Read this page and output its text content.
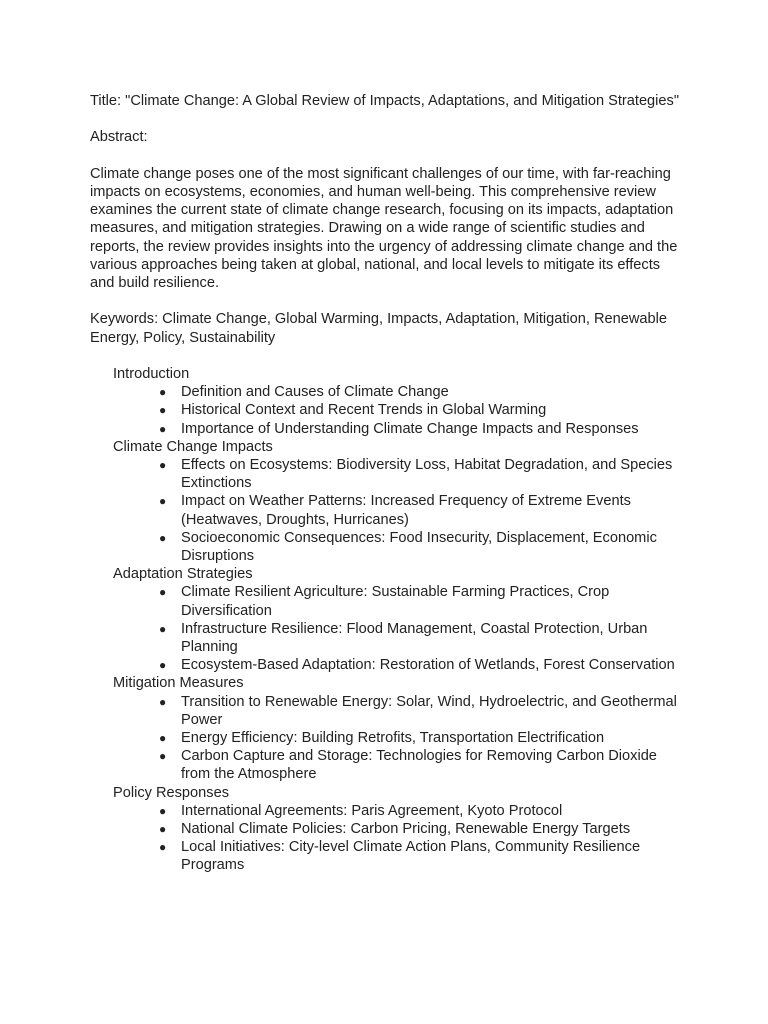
Title: "Climate Change: A Global Review of Impacts, Adaptations, and Mitigation Strategies"

Abstract:

Climate change poses one of the most significant challenges of our time, with far-reaching impacts on ecosystems, economies, and human well-being. This comprehensive review examines the current state of climate change research, focusing on its impacts, adaptation measures, and mitigation strategies. Drawing on a wide range of scientific studies and reports, the review provides insights into the urgency of addressing climate change and the various approaches being taken at global, national, and local levels to mitigate its effects and build resilience.

Keywords: Climate Change, Global Warming, Impacts, Adaptation, Mitigation, Renewable Energy, Policy, Sustainability

Introduction
● Definition and Causes of Climate Change
● Historical Context and Recent Trends in Global Warming
● Importance of Understanding Climate Change Impacts and Responses
Climate Change Impacts
● Effects on Ecosystems: Biodiversity Loss, Habitat Degradation, and Species Extinctions
● Impact on Weather Patterns: Increased Frequency of Extreme Events (Heatwaves, Droughts, Hurricanes)
● Socioeconomic Consequences: Food Insecurity, Displacement, Economic Disruptions
Adaptation Strategies
● Climate Resilient Agriculture: Sustainable Farming Practices, Crop Diversification
● Infrastructure Resilience: Flood Management, Coastal Protection, Urban Planning
● Ecosystem-Based Adaptation: Restoration of Wetlands, Forest Conservation
Mitigation Measures
● Transition to Renewable Energy: Solar, Wind, Hydroelectric, and Geothermal Power
● Energy Efficiency: Building Retrofits, Transportation Electrification
● Carbon Capture and Storage: Technologies for Removing Carbon Dioxide from the Atmosphere
Policy Responses
● International Agreements: Paris Agreement, Kyoto Protocol
● National Climate Policies: Carbon Pricing, Renewable Energy Targets
● Local Initiatives: City-level Climate Action Plans, Community Resilience Programs
